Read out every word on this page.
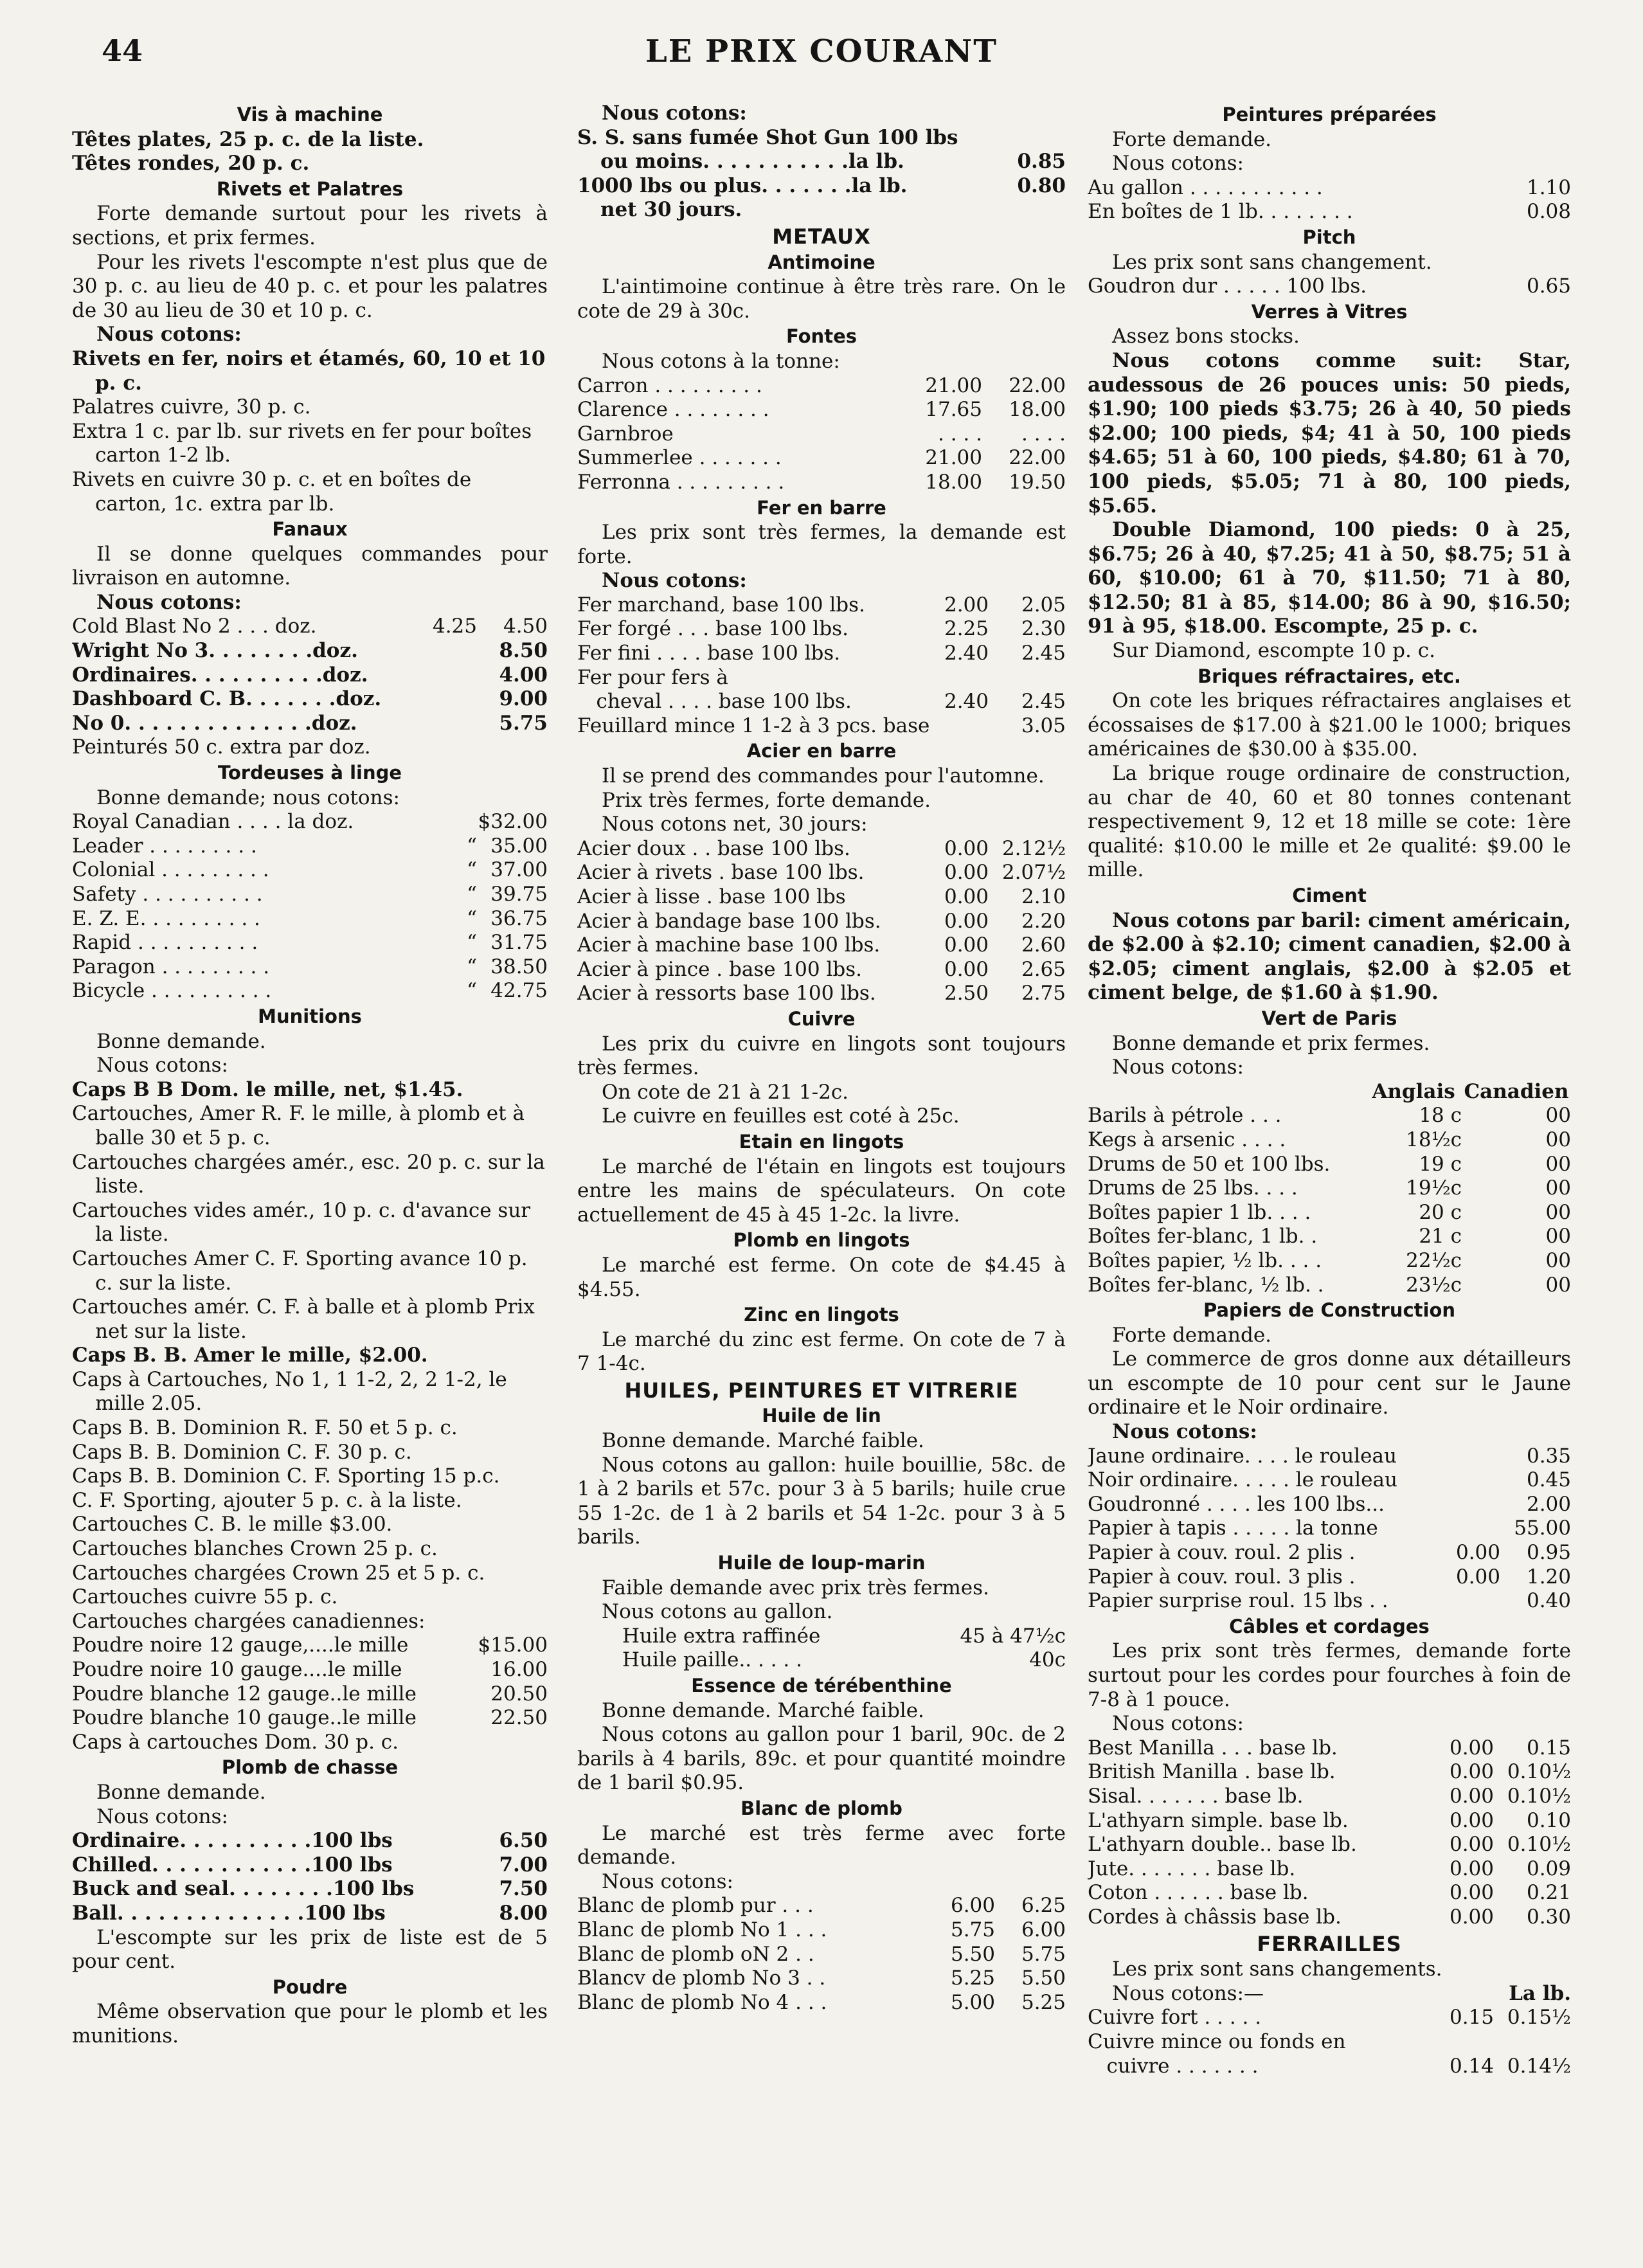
44	LE PRIX COURANT
Vis à machine
Têtes plates, 25 p. c. de la liste.
Têtes rondes, 20 p. c.
Rivets et Palatres
Forte demande surtout pour les rivets à sections, et prix fermes.
Pour les rivets l'escompte n'est plus que de 30 p. c. au lieu de 40 p. c. et pour les palatres de 30 au lieu de 30 et 10 p. c.
Nous cotons:
Rivets en fer, noirs et étamés, 60, 10 et 10 p. c.
Palatres cuivre, 30 p. c.
Extra 1 c. par lb. sur rivets en fer pour boîtes carton 1-2 lb.
Rivets en cuivre 30 p. c. et en boîtes de carton, 1c. extra par lb.
Fanaux
Il se donne quelques commandes pour livraison en automne.
Nous cotons:
Cold Blast No 2 . . . doz.	4.25	4.50
Wright No 3. . . . . . . .doz.	8.50
Ordinaires. . . . . . . . . .doz.	4.00
Dashboard C. B. . . . . . .doz.	9.00
No 0. . . . . . . . . . . . . .doz.	5.75
Peinturés 50 c. extra par doz.
Tordeuses à linge
Bonne demande; nous cotons:
Royal Canadian . . . . la doz.	$32.00
Leader . . . . . . . . .	“ 35.00
Colonial . . . . . . . . .	“ 37.00
Safety . . . . . . . . . .	“ 39.75
E. Z. E. . . . . . . . . .	“ 36.75
Rapid . . . . . . . . . .	“ 31.75
Paragon . . . . . . . . .	“ 38.50
Bicycle . . . . . . . . . .	“ 42.75
Munitions
Bonne demande.
Nous cotons:
Caps B B Dom. le mille, net, $1.45.
Cartouches, Amer R. F. le mille, à plomb et à balle 30 et 5 p. c.
Cartouches chargées amér., esc. 20 p. c. sur la liste.
Cartouches vides amér., 10 p. c. d'avance sur la liste.
Cartouches Amer C. F. Sporting avance 10 p. c. sur la liste.
Cartouches amér. C. F. à balle et à plomb Prix net sur la liste.
Caps B. B. Amer le mille, $2.00.
Caps à Cartouches, No 1, 1 1-2, 2, 2 1-2, le mille 2.05.
Caps B. B. Dominion R. F. 50 et 5 p. c.
Caps B. B. Dominion C. F. 30 p. c.
Caps B. B. Dominion C. F. Sporting 15 p.c.
C. F. Sporting, ajouter 5 p. c. à la liste.
Cartouches C. B. le mille $3.00.
Cartouches blanches Crown 25 p. c.
Cartouches chargées Crown 25 et 5 p. c.
Cartouches cuivre 55 p. c.
Cartouches chargées canadiennes:
Poudre noire 12 gauge,....le mille	$15.00
Poudre noire 10 gauge....le mille	16.00
Poudre blanche 12 gauge..le mille	20.50
Poudre blanche 10 gauge..le mille	22.50
Caps à cartouches Dom. 30 p. c.
Plomb de chasse
Bonne demande.
Nous cotons:
Ordinaire. . . . . . . . . .100 lbs	6.50
Chilled. . . . . . . . . . . .100 lbs	7.00
Buck and seal. . . . . . . .100 lbs	7.50
Ball. . . . . . . . . . . . . .100 lbs	8.00
L'escompte sur les prix de liste est de 5 pour cent.
Poudre
Même observation que pour le plomb et les munitions.
Nous cotons:
S. S. sans fumée Shot Gun 100 lbs
ou moins. . . . . . . . . . .la lb.	0.85
1000 lbs ou plus. . . . . . .la lb.	0.80
net 30 jours.
METAUX
Antimoine
L'aintimoine continue à être très rare. On le cote de 29 à 30c.
Fontes
Nous cotons à la tonne:
Carron . . . . . . . . .	21.00	22.00
Clarence . . . . . . . .	17.65	18.00
Garnbroe	. . . .	. . . .
Summerlee . . . . . . .	21.00	22.00
Ferronna . . . . . . . . .	18.00	19.50
Fer en barre
Les prix sont très fermes, la demande est forte.
Nous cotons:
Fer marchand, base 100 lbs.	2.00	2.05
Fer forgé . . . base 100 lbs.	2.25	2.30
Fer fini . . . . base 100 lbs.	2.40	2.45
Fer pour fers à
cheval . . . . base 100 lbs.	2.40	2.45
Feuillard mince 1 1-2 à 3 pcs. base	3.05
Acier en barre
Il se prend des commandes pour l'automne.
Prix très fermes, forte demande.
Nous cotons net, 30 jours:
Acier doux . . base 100 lbs.	0.00 2.12½
Acier à rivets . base 100 lbs.	0.00 2.07½
Acier à lisse . base 100 lbs	0.00	2.10
Acier à bandage base 100 lbs.	0.00	2.20
Acier à machine base 100 lbs.	0.00	2.60
Acier à pince . base 100 lbs.	0.00	2.65
Acier à ressorts base 100 lbs.	2.50	2.75
Cuivre
Les prix du cuivre en lingots sont toujours très fermes.
On cote de 21 à 21 1-2c.
Le cuivre en feuilles est coté à 25c.
Etain en lingots
Le marché de l'étain en lingots est toujours entre les mains de spéculateurs. On cote actuellement de 45 à 45 1-2c. la livre.
Plomb en lingots
Le marché est ferme. On cote de $4.45 à $4.55.
Zinc en lingots
Le marché du zinc est ferme. On cote de 7 à 7 1-4c.
HUILES, PEINTURES ET VITRERIE
Huile de lin
Bonne demande. Marché faible.
Nous cotons au gallon: huile bouillie, 58c. de 1 à 2 barils et 57c. pour 3 à 5 barils; huile crue 55 1-2c. de 1 à 2 barils et 54 1-2c. pour 3 à 5 barils.
Huile de loup-marin
Faible demande avec prix très fermes.
Nous cotons au gallon.
Huile extra raffinée	45 à 47½c
Huile paille.. . . . .	40c
Essence de térébenthine
Bonne demande. Marché faible.
Nous cotons au gallon pour 1 baril, 90c. de 2 barils à 4 barils, 89c. et pour quantité moindre de 1 baril $0.95.
Blanc de plomb
Le marché est très ferme avec forte demande.
Nous cotons:
Blanc de plomb pur . . .	6.00	6.25
Blanc de plomb No 1 . . .	5.75	6.00
Blanc de plomb oN 2 . .	5.50	5.75
Blancv de plomb No 3 . .	5.25	5.50
Blanc de plomb No 4 . . .	5.00	5.25
Peintures préparées
Forte demande.
Nous cotons:
Au gallon . . . . . . . . . . .	1.10
En boîtes de 1 lb. . . . . . . .	0.08
Pitch
Les prix sont sans changement.
Goudron dur . . . . . 100 lbs.	0.65
Verres à Vitres
Assez bons stocks.
Nous cotons comme suit: Star, audessous de 26 pouces unis: 50 pieds, $1.90; 100 pieds $3.75; 26 à 40, 50 pieds $2.00; 100 pieds, $4; 41 à 50, 100 pieds $4.65; 51 à 60, 100 pieds, $4.80; 61 à 70, 100 pieds, $5.05; 71 à 80, 100 pieds, $5.65.
Double Diamond, 100 pieds: 0 à 25, $6.75; 26 à 40, $7.25; 41 à 50, $8.75; 51 à 60, $10.00; 61 à 70, $11.50; 71 à 80, $12.50; 81 à 85, $14.00; 86 à 90, $16.50; 91 à 95, $18.00. Escompte, 25 p. c.
Sur Diamond, escompte 10 p. c.
Briques réfractaires, etc.
On cote les briques réfractaires anglaises et écossaises de $17.00 à $21.00 le 1000; briques américaines de $30.00 à $35.00.
La brique rouge ordinaire de construction, au char de 40, 60 et 80 tonnes contenant respectivement 9, 12 et 18 mille se cote: 1ère qualité: $10.00 le mille et 2e qualité: $9.00 le mille.
Ciment
Nous cotons par baril: ciment américain, de $2.00 à $2.10; ciment canadien, $2.00 à $2.05; ciment anglais, $2.00 à $2.05 et ciment belge, de $1.60 à $1.90.
Vert de Paris
Bonne demande et prix fermes.
Nous cotons:
Anglais Canadien
Barils à pétrole . . .	18 c	00
Kegs à arsenic . . . .	18½c	00
Drums de 50 et 100 lbs.	19 c	00
Drums de 25 lbs. . . .	19½c	00
Boîtes papier 1 lb. . . .	20 c	00
Boîtes fer-blanc, 1 lb. .	21 c	00
Boîtes papier, ½ lb. . . .	22½c	00
Boîtes fer-blanc, ½ lb. .	23½c	00
Papiers de Construction
Forte demande.
Le commerce de gros donne aux détailleurs un escompte de 10 pour cent sur le Jaune ordinaire et le Noir ordinaire.
Nous cotons:
Jaune ordinaire. . . . le rouleau	0.35
Noir ordinaire. . . . . le rouleau	0.45
Goudronné . . . . les 100 lbs...	2.00
Papier à tapis . . . . . la tonne	55.00
Papier à couv. roul. 2 plis .	0.00	0.95
Papier à couv. roul. 3 plis .	0.00	1.20
Papier surprise roul. 15 lbs . .	0.40
Câbles et cordages
Les prix sont très fermes, demande forte surtout pour les cordes pour fourches à foin de 7-8 à 1 pouce.
Nous cotons:
Best Manilla . . . base lb.	0.00	0.15
British Manilla . base lb.	0.00 0.10½
Sisal. . . . . . . base lb.	0.00 0.10½
L'athyarn simple. base lb.	0.00	0.10
L'athyarn double.. base lb.	0.00 0.10½
Jute. . . . . . . base lb.	0.00	0.09
Coton . . . . . . base lb.	0.00	0.21
Cordes à châssis base lb.	0.00	0.30
FERRAILLES
Les prix sont sans changements.
Nous cotons:—	La lb.
Cuivre fort . . . . .	0.15 0.15½
Cuivre mince ou fonds en
cuivre . . . . . . .	0.14 0.14½
